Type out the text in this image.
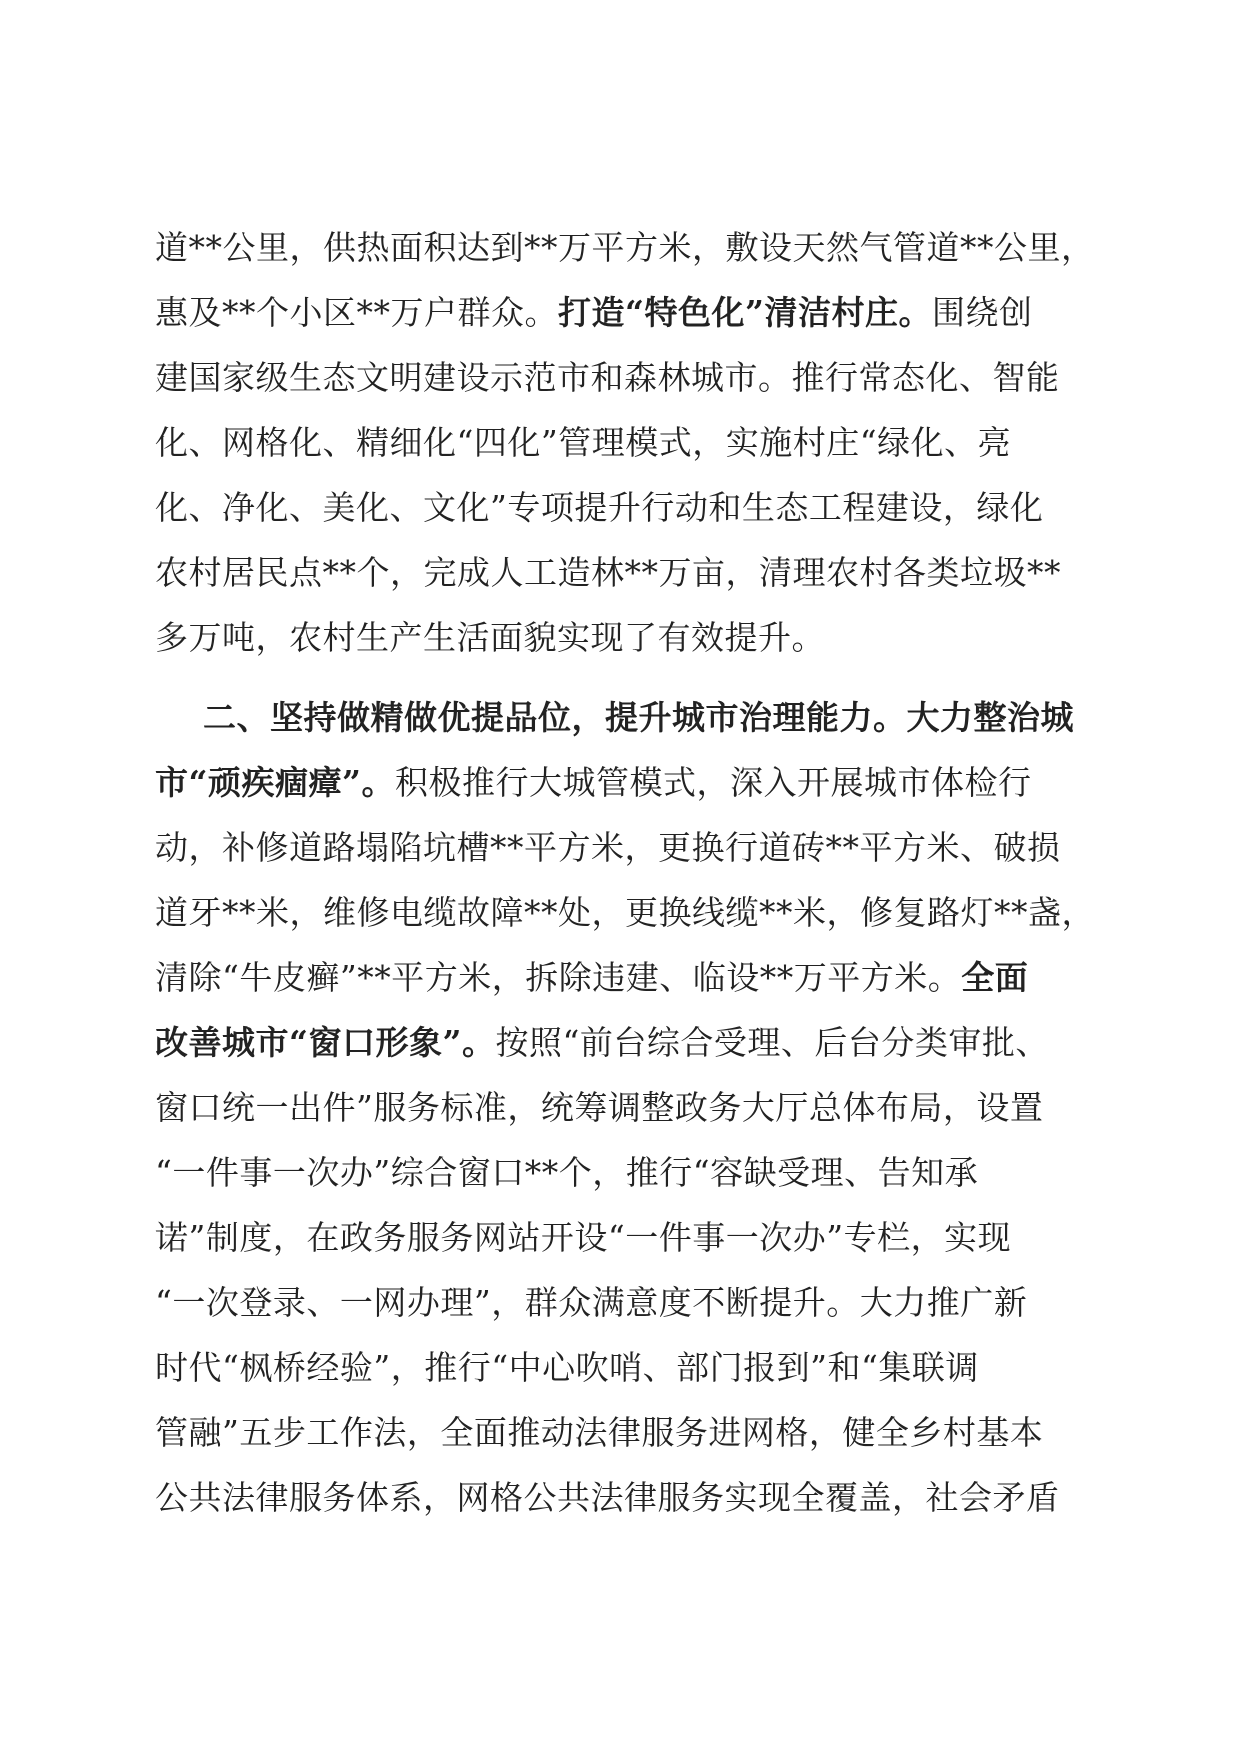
道**公里，供热面积达到**万平方米，敷设天然气管道**公里，
惠及**个小区**万户群众。打造“特色化”清洁村庄。围绕创
建国家级生态文明建设示范市和森林城市。推行常态化、智能
化、网格化、精细化“四化”管理模式，实施村庄“绿化、亮
化、净化、美化、文化”专项提升行动和生态工程建设，绿化
农村居民点**个，完成人工造林**万亩，清理农村各类垃圾**
多万吨，农村生产生活面貌实现了有效提升。
二、坚持做精做优提品位，提升城市治理能力。大力整治城
市“顽疾痼瘴”。积极推行大城管模式，深入开展城市体检行
动，补修道路塌陷坑槽**平方米，更换行道砖**平方米、破损
道牙**米，维修电缆故障**处，更换线缆**米，修复路灯**盏，
清除“牛皮癣”**平方米，拆除违建、临设**万平方米。全面
改善城市“窗口形象”。按照“前台综合受理、后台分类审批、
窗口统一出件”服务标准，统筹调整政务大厅总体布局，设置
“一件事一次办”综合窗口**个，推行“容缺受理、告知承
诺”制度，在政务服务网站开设“一件事一次办”专栏，实现
“一次登录、一网办理”，群众满意度不断提升。大力推广新
时代“枫桥经验”，推行“中心吹哨、部门报到”和“集联调
管融”五步工作法，全面推动法律服务进网格，健全乡村基本
公共法律服务体系，网格公共法律服务实现全覆盖，社会矛盾
